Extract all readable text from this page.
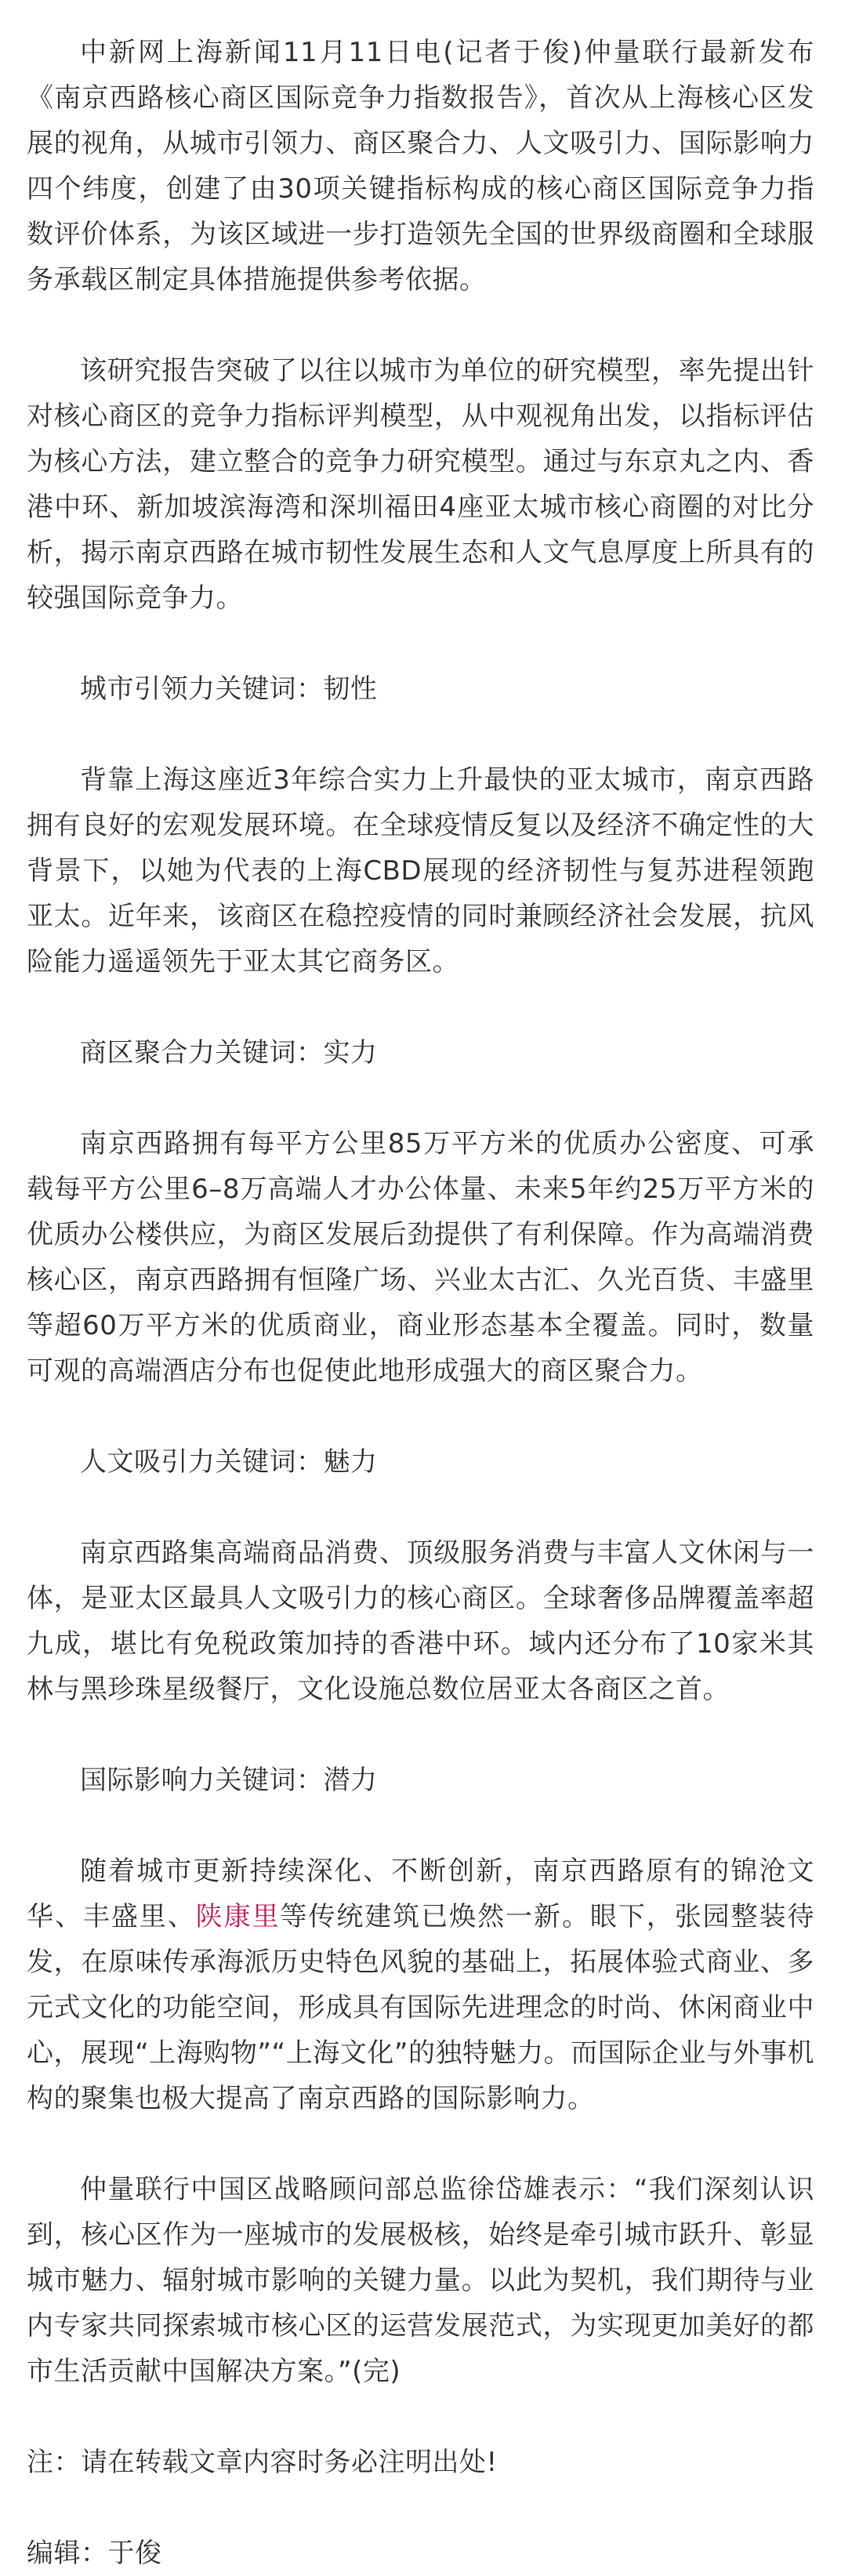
中新网上海新闻11月11日电(记者于俊)仲量联行最新发布《南京西路核心商区国际竞争力指数报告》，首次从上海核心区发展的视角，从城市引领力、商区聚合力、人文吸引力、国际影响力四个纬度，创建了由30项关键指标构成的核心商区国际竞争力指数评价体系，为该区域进一步打造领先全国的世界级商圈和全球服务承载区制定具体措施提供参考依据。

该研究报告突破了以往以城市为单位的研究模型，率先提出针对核心商区的竞争力指标评判模型，从中观视角出发，以指标评估为核心方法，建立整合的竞争力研究模型。通过与东京丸之内、香港中环、新加坡滨海湾和深圳福田4座亚太城市核心商圈的对比分析，揭示南京西路在城市韧性发展生态和人文气息厚度上所具有的较强国际竞争力。

城市引领力关键词：韧性

背靠上海这座近3年综合实力上升最快的亚太城市，南京西路拥有良好的宏观发展环境。在全球疫情反复以及经济不确定性的大背景下，以她为代表的上海CBD展现的经济韧性与复苏进程领跑亚太。近年来，该商区在稳控疫情的同时兼顾经济社会发展，抗风险能力遥遥领先于亚太其它商务区。

商区聚合力关键词：实力

南京西路拥有每平方公里85万平方米的优质办公密度、可承载每平方公里6–8万高端人才办公体量、未来5年约25万平方米的优质办公楼供应，为商区发展后劲提供了有利保障。作为高端消费核心区，南京西路拥有恒隆广场、兴业太古汇、久光百货、丰盛里等超60万平方米的优质商业，商业形态基本全覆盖。同时，数量可观的高端酒店分布也促使此地形成强大的商区聚合力。

人文吸引力关键词：魅力

南京西路集高端商品消费、顶级服务消费与丰富人文休闲与一体，是亚太区最具人文吸引力的核心商区。全球奢侈品牌覆盖率超九成，堪比有免税政策加持的香港中环。域内还分布了10家米其林与黑珍珠星级餐厅，文化设施总数位居亚太各商区之首。

国际影响力关键词：潜力

随着城市更新持续深化、不断创新，南京西路原有的锦沧文华、丰盛里、陕康里等传统建筑已焕然一新。眼下，张园整装待发，在原味传承海派历史特色风貌的基础上，拓展体验式商业、多元式文化的功能空间，形成具有国际先进理念的时尚、休闲商业中心，展现“上海购物”“上海文化”的独特魅力。而国际企业与外事机构的聚集也极大提高了南京西路的国际影响力。

仲量联行中国区战略顾问部总监徐岱雄表示：“我们深刻认识到，核心区作为一座城市的发展极核，始终是牵引城市跃升、彰显城市魅力、辐射城市影响的关键力量。以此为契机，我们期待与业内专家共同探索城市核心区的运营发展范式，为实现更加美好的都市生活贡献中国解决方案。”(完)

注：请在转载文章内容时务必注明出处!

编辑：于俊
